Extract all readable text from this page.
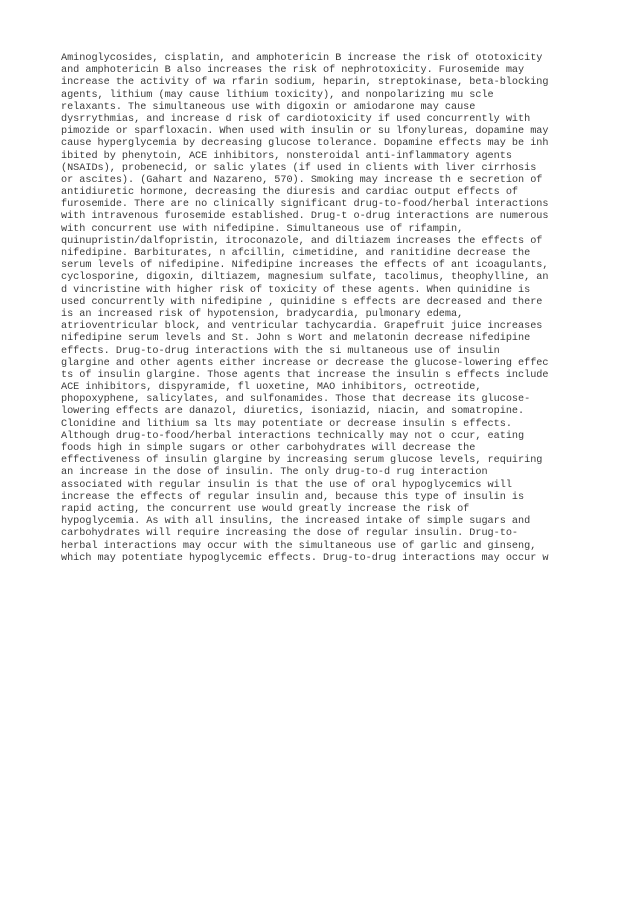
Aminoglycosides, cisplatin, and amphotericin B increase the risk of ototoxicity
and amphotericin B also increases the risk of nephrotoxicity. Furosemide may
increase the activity of wa rfarin sodium, heparin, streptokinase, beta-blocking
agents, lithium (may cause lithium toxicity), and nonpolarizing mu scle
relaxants. The simultaneous use with digoxin or amiodarone may cause
dysrrythmias, and increase d risk of cardiotoxicity if used concurrently with
pimozide or sparfloxacin. When used with insulin or su lfonylureas, dopamine may
cause hyperglycemia by decreasing glucose tolerance. Dopamine effects may be inh
ibited by phenytoin, ACE inhibitors, nonsteroidal anti-inflammatory agents
(NSAIDs), probenecid, or salic ylates (if used in clients with liver cirrhosis
or ascites). (Gahart and Nazareno, 570). Smoking may increase th e secretion of
antidiuretic hormone, decreasing the diuresis and cardiac output effects of
furosemide. There are no clinically significant drug-to-food/herbal interactions
with intravenous furosemide established. Drug-t o-drug interactions are numerous
with concurrent use with nifedipine. Simultaneous use of rifampin,
quinupristin/dalfopristin, itroconazole, and diltiazem increases the effects of
nifedipine. Barbiturates, n afcillin, cimetidine, and ranitidine decrease the
serum levels of nifedipine. Nifedipine increases the effects of ant icoagulants,
cyclosporine, digoxin, diltiazem, magnesium sulfate, tacolimus, theophylline, an
d vincristine with higher risk of toxicity of these agents. When quinidine is
used concurrently with nifedipine , quinidine s effects are decreased and there
is an increased risk of hypotension, bradycardia, pulmonary edema,
atrioventricular block, and ventricular tachycardia. Grapefruit juice increases
nifedipine serum levels and St. John s Wort and melatonin decrease nifedipine
effects. Drug-to-drug interactions with the si multaneous use of insulin
glargine and other agents either increase or decrease the glucose-lowering effec
ts of insulin glargine. Those agents that increase the insulin s effects include
ACE inhibitors, dispyramide, fl uoxetine, MAO inhibitors, octreotide,
phopoxyphene, salicylates, and sulfonamides. Those that decrease its glucose-
lowering effects are danazol, diuretics, isoniazid, niacin, and somatropine.
Clonidine and lithium sa lts may potentiate or decrease insulin s effects.
Although drug-to-food/herbal interactions technically may not o ccur, eating
foods high in simple sugars or other carbohydrates will decrease the
effectiveness of insulin glargine by increasing serum glucose levels, requiring
an increase in the dose of insulin. The only drug-to-d rug interaction
associated with regular insulin is that the use of oral hypoglycemics will
increase the effects of regular insulin and, because this type of insulin is
rapid acting, the concurrent use would greatly increase the risk of
hypoglycemia. As with all insulins, the increased intake of simple sugars and
carbohydrates will require increasing the dose of regular insulin. Drug-to-
herbal interactions may occur with the simultaneous use of garlic and ginseng,
which may potentiate hypoglycemic effects. Drug-to-drug interactions may occur w
